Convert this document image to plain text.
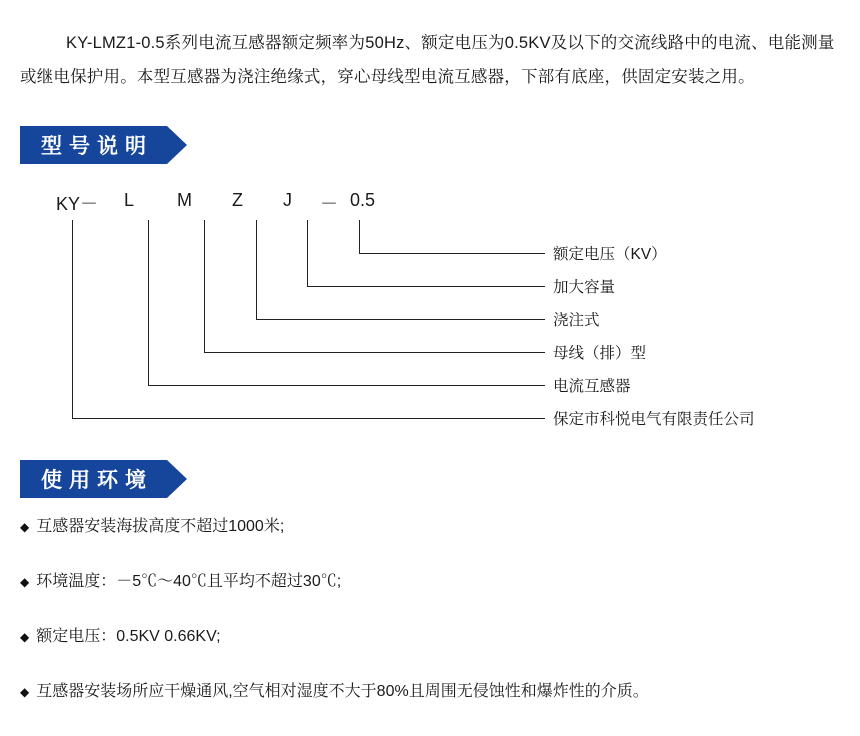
KY-LMZ1-0.5系列电流互感器额定频率为50Hz、额定电压为0.5KV及以下的交流线路中的电流、电能测量或继电保护用。本型互感器为浇注绝缘式，穿心母线型电流互感器，下部有底座，供固定安装之用。
型号说明
KY－ L M Z J － 0.5
额定电压（KV）
加大容量
浇注式
母线（排）型
电流互感器
保定市科悦电气有限责任公司
使用环境
◆ 互感器安装海拔高度不超过1000米;
◆ 环境温度：－5℃～40℃且平均不超过30℃;
◆ 额定电压：0.5KV 0.66KV;
◆ 互感器安装场所应干燥通风,空气相对湿度不大于80%且周围无侵蚀性和爆炸性的介质。
